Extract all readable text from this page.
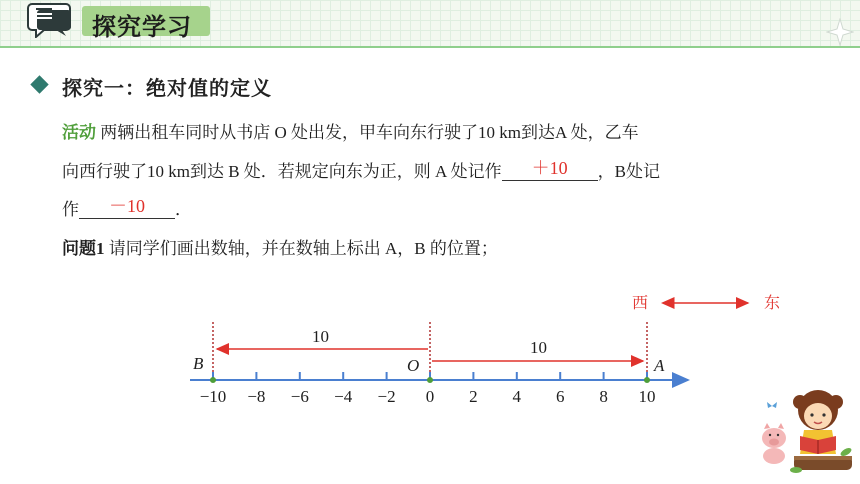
探究学习
探究一：绝对值的定义
活动 两辆出租车同时从书店 O 处出发，甲车向东行驶了10 km到达A 处，乙车
向西行驶了10 km到达 B 处．若规定向东为正，则 A 处记作	＋10	，B处记
作	－10	．
问题1 请同学们画出数轴，并在数轴上标出 A，B 的位置；
西	东
10
10
−10 −8 −6 −4 −2 0 2 4 6 8 10
B	O	A
